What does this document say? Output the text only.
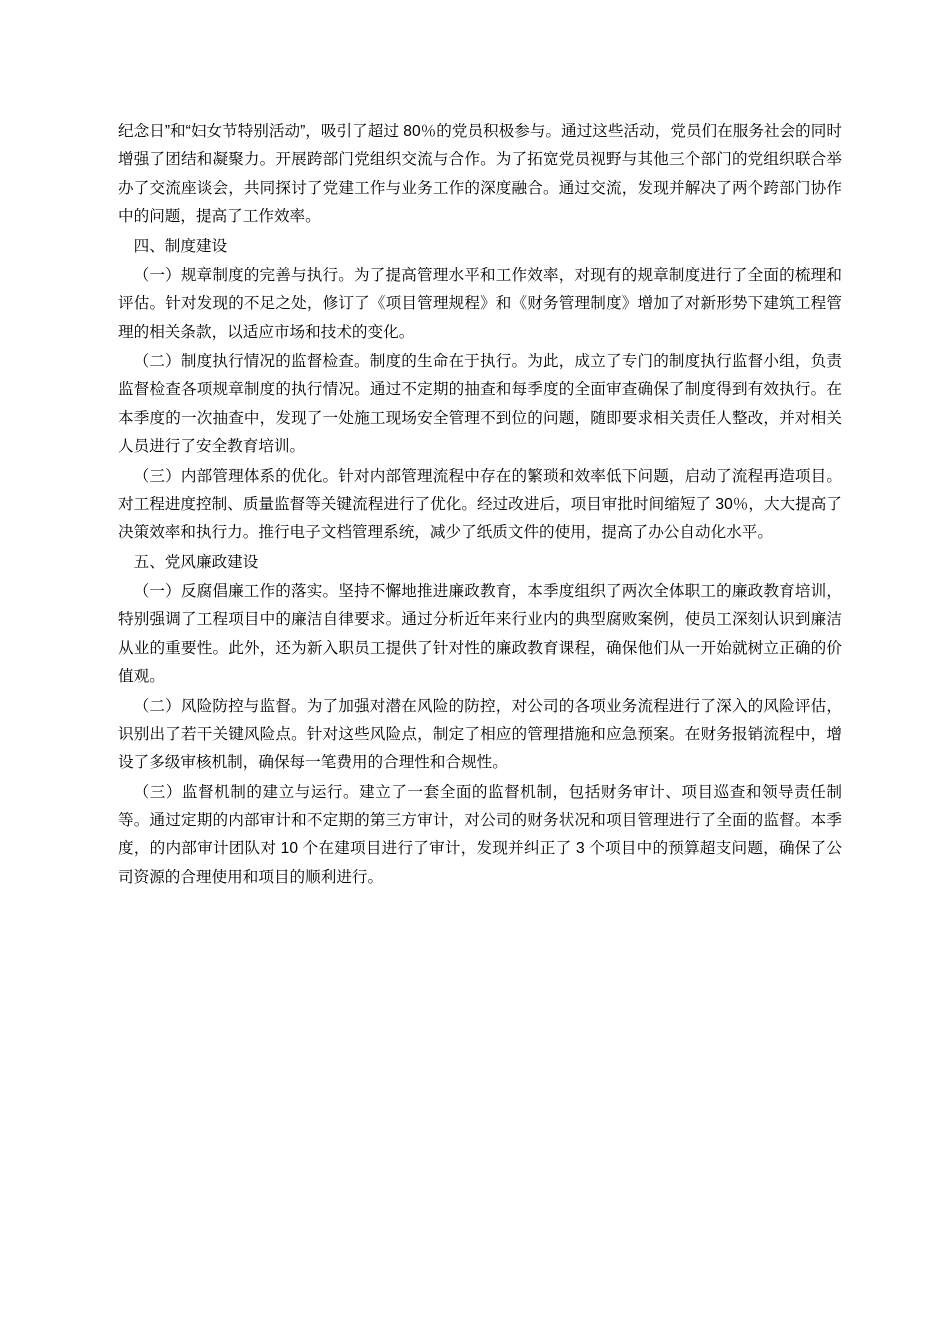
纪念日”和“妇女节特别活动”，吸引了超过 80％的党员积极参与。通过这些活动，党员们在服务社会的同时增强了团结和凝聚力。开展跨部门党组织交流与合作。为了拓宽党员视野与其他三个部门的党组织联合举办了交流座谈会，共同探讨了党建工作与业务工作的深度融合。通过交流，发现并解决了两个跨部门协作中的问题，提高了工作效率。

四、制度建设

（一）规章制度的完善与执行。为了提高管理水平和工作效率，对现有的规章制度进行了全面的梳理和评估。针对发现的不足之处，修订了《项目管理规程》和《财务管理制度》增加了对新形势下建筑工程管理的相关条款，以适应市场和技术的变化。

（二）制度执行情况的监督检查。制度的生命在于执行。为此，成立了专门的制度执行监督小组，负责监督检查各项规章制度的执行情况。通过不定期的抽查和每季度的全面审查确保了制度得到有效执行。在本季度的一次抽查中，发现了一处施工现场安全管理不到位的问题，随即要求相关责任人整改，并对相关人员进行了安全教育培训。

（三）内部管理体系的优化。针对内部管理流程中存在的繁琐和效率低下问题，启动了流程再造项目。对工程进度控制、质量监督等关键流程进行了优化。经过改进后，项目审批时间缩短了 30％，大大提高了决策效率和执行力。推行电子文档管理系统，减少了纸质文件的使用，提高了办公自动化水平。

五、党风廉政建设

（一）反腐倡廉工作的落实。坚持不懈地推进廉政教育，本季度组织了两次全体职工的廉政教育培训，特别强调了工程项目中的廉洁自律要求。通过分析近年来行业内的典型腐败案例，使员工深刻认识到廉洁从业的重要性。此外，还为新入职员工提供了针对性的廉政教育课程，确保他们从一开始就树立正确的价值观。

（二）风险防控与监督。为了加强对潜在风险的防控，对公司的各项业务流程进行了深入的风险评估，识别出了若干关键风险点。针对这些风险点，制定了相应的管理措施和应急预案。在财务报销流程中，增设了多级审核机制，确保每一笔费用的合理性和合规性。

（三）监督机制的建立与运行。建立了一套全面的监督机制，包括财务审计、项目巡查和领导责任制等。通过定期的内部审计和不定期的第三方审计，对公司的财务状况和项目管理进行了全面的监督。本季度，的内部审计团队对 10 个在建项目进行了审计，发现并纠正了 3 个项目中的预算超支问题，确保了公司资源的合理使用和项目的顺利进行。
